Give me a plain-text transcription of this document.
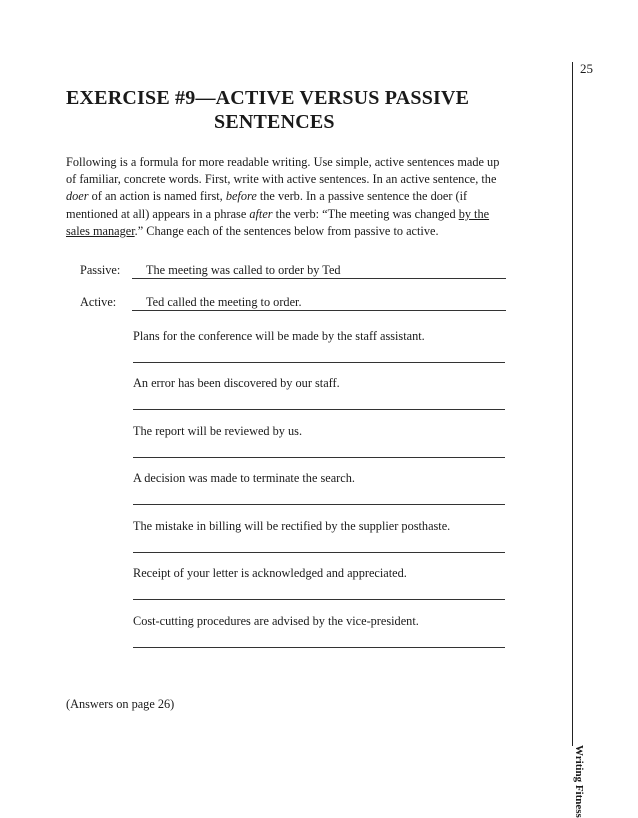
25
Writing Fitness
EXERCISE #9—ACTIVE VERSUS PASSIVE
SENTENCES
Following is a formula for more readable writing. Use simple, active sentences made up of familiar, concrete words. First, write with active sentences. In an active sentence, the doer of an action is named first, before the verb. In a passive sentence the doer (if mentioned at all) appears in a phrase after the verb: “The meeting was changed by the sales manager.” Change each of the sentences below from passive to active.
Passive:	The meeting was called to order by Ted
Active:	Ted called the meeting to order.
Plans for the conference will be made by the staff assistant.
An error has been discovered by our staff.
The report will be reviewed by us.
A decision was made to terminate the search.
The mistake in billing will be rectified by the supplier posthaste.
Receipt of your letter is acknowledged and appreciated.
Cost-cutting procedures are advised by the vice-president.
(Answers on page 26)
